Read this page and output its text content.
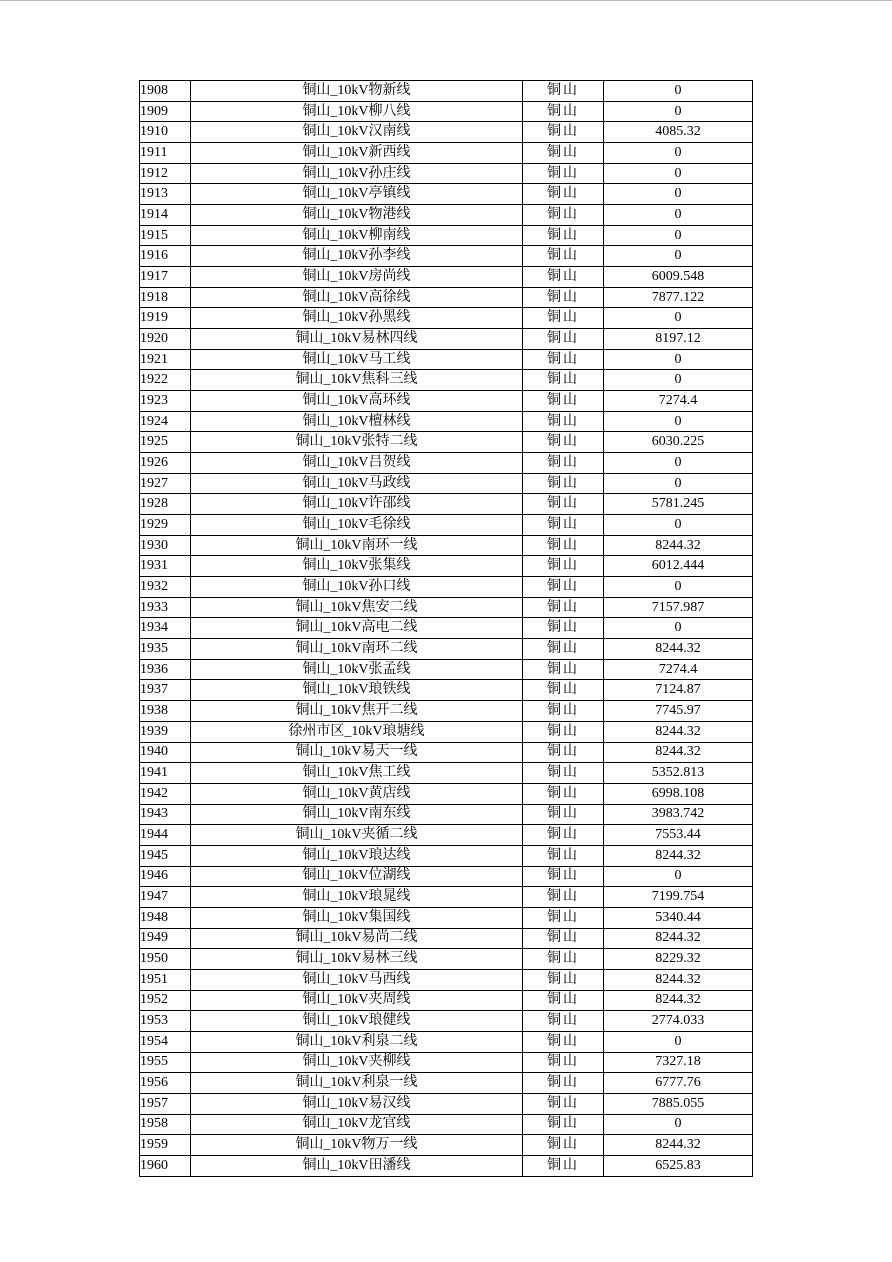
1908	铜山_10kV物新线	铜山	0
1909	铜山_10kV柳八线	铜山	0
1910	铜山_10kV汉南线	铜山	4085.32
1911	铜山_10kV新西线	铜山	0
1912	铜山_10kV孙庄线	铜山	0
1913	铜山_10kV亭镇线	铜山	0
1914	铜山_10kV物港线	铜山	0
1915	铜山_10kV柳南线	铜山	0
1916	铜山_10kV孙李线	铜山	0
1917	铜山_10kV房尚线	铜山	6009.548
1918	铜山_10kV高徐线	铜山	7877.122
1919	铜山_10kV孙黑线	铜山	0
1920	铜山_10kV易林四线	铜山	8197.12
1921	铜山_10kV马工线	铜山	0
1922	铜山_10kV焦科三线	铜山	0
1923	铜山_10kV高环线	铜山	7274.4
1924	铜山_10kV檀林线	铜山	0
1925	铜山_10kV张特二线	铜山	6030.225
1926	铜山_10kV吕贺线	铜山	0
1927	铜山_10kV马政线	铜山	0
1928	铜山_10kV许邵线	铜山	5781.245
1929	铜山_10kV毛徐线	铜山	0
1930	铜山_10kV南环一线	铜山	8244.32
1931	铜山_10kV张集线	铜山	6012.444
1932	铜山_10kV孙口线	铜山	0
1933	铜山_10kV焦安二线	铜山	7157.987
1934	铜山_10kV高电二线	铜山	0
1935	铜山_10kV南环二线	铜山	8244.32
1936	铜山_10kV张孟线	铜山	7274.4
1937	铜山_10kV琅铁线	铜山	7124.87
1938	铜山_10kV焦开二线	铜山	7745.97
1939	徐州市区_10kV琅塘线	铜山	8244.32
1940	铜山_10kV易天一线	铜山	8244.32
1941	铜山_10kV焦工线	铜山	5352.813
1942	铜山_10kV黄店线	铜山	6998.108
1943	铜山_10kV南东线	铜山	3983.742
1944	铜山_10kV夹循二线	铜山	7553.44
1945	铜山_10kV琅达线	铜山	8244.32
1946	铜山_10kV位湖线	铜山	0
1947	铜山_10kV琅晁线	铜山	7199.754
1948	铜山_10kV集国线	铜山	5340.44
1949	铜山_10kV易尚二线	铜山	8244.32
1950	铜山_10kV易林三线	铜山	8229.32
1951	铜山_10kV马西线	铜山	8244.32
1952	铜山_10kV夹周线	铜山	8244.32
1953	铜山_10kV琅健线	铜山	2774.033
1954	铜山_10kV利泉二线	铜山	0
1955	铜山_10kV夹柳线	铜山	7327.18
1956	铜山_10kV利泉一线	铜山	6777.76
1957	铜山_10kV易汉线	铜山	7885.055
1958	铜山_10kV龙官线	铜山	0
1959	铜山_10kV物万一线	铜山	8244.32
1960	铜山_10kV田潘线	铜山	6525.83
